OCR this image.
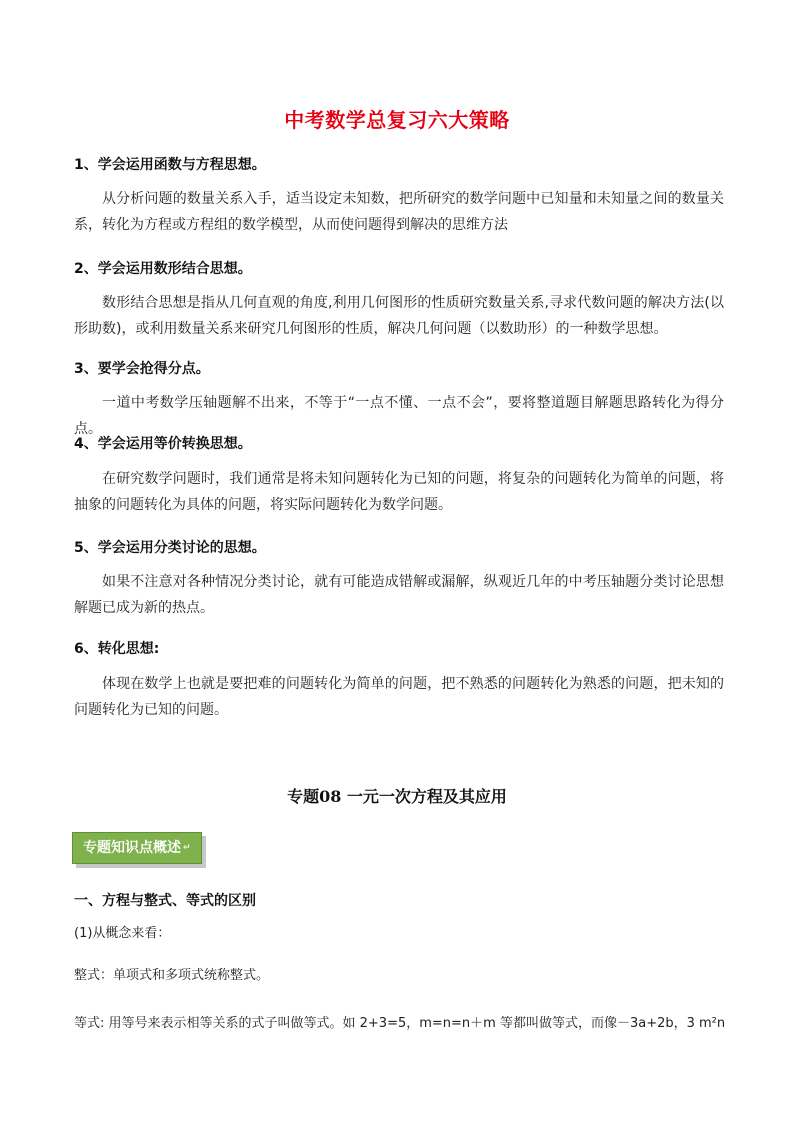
中考数学总复习六大策略
1、学会运用函数与方程思想。
从分析问题的数量关系入手，适当设定未知数，把所研究的数学问题中已知量和未知量之间的数量关系，转化为方程或方程组的数学模型，从而使问题得到解决的思维方法
2、学会运用数形结合思想。
数形结合思想是指从几何直观的角度,利用几何图形的性质研究数量关系,寻求代数问题的解决方法(以形助数)，或利用数量关系来研究几何图形的性质，解决几何问题（以数助形）的一种数学思想。
3、要学会抢得分点。
一道中考数学压轴题解不出来，不等于“一点不懂、一点不会”，要将整道题目解题思路转化为得分点。
4、学会运用等价转换思想。
在研究数学问题时，我们通常是将未知问题转化为已知的问题，将复杂的问题转化为简单的问题，将抽象的问题转化为具体的问题，将实际问题转化为数学问题。
5、学会运用分类讨论的思想。
如果不注意对各种情况分类讨论，就有可能造成错解或漏解，纵观近几年的中考压轴题分类讨论思想解题已成为新的热点。
6、转化思想:
体现在数学上也就是要把难的问题转化为简单的问题，把不熟悉的问题转化为熟悉的问题，把未知的问题转化为已知的问题。
专题08 一元一次方程及其应用
专题知识点概述 ↵
一、方程与整式、等式的区别
(1)从概念来看：
整式：单项式和多项式统称整式。
等式: 用等号来表示相等关系的式子叫做等式。如 2+3=5，m=n=n＋m 等都叫做等式，而像－3a+2b，3 m²n
